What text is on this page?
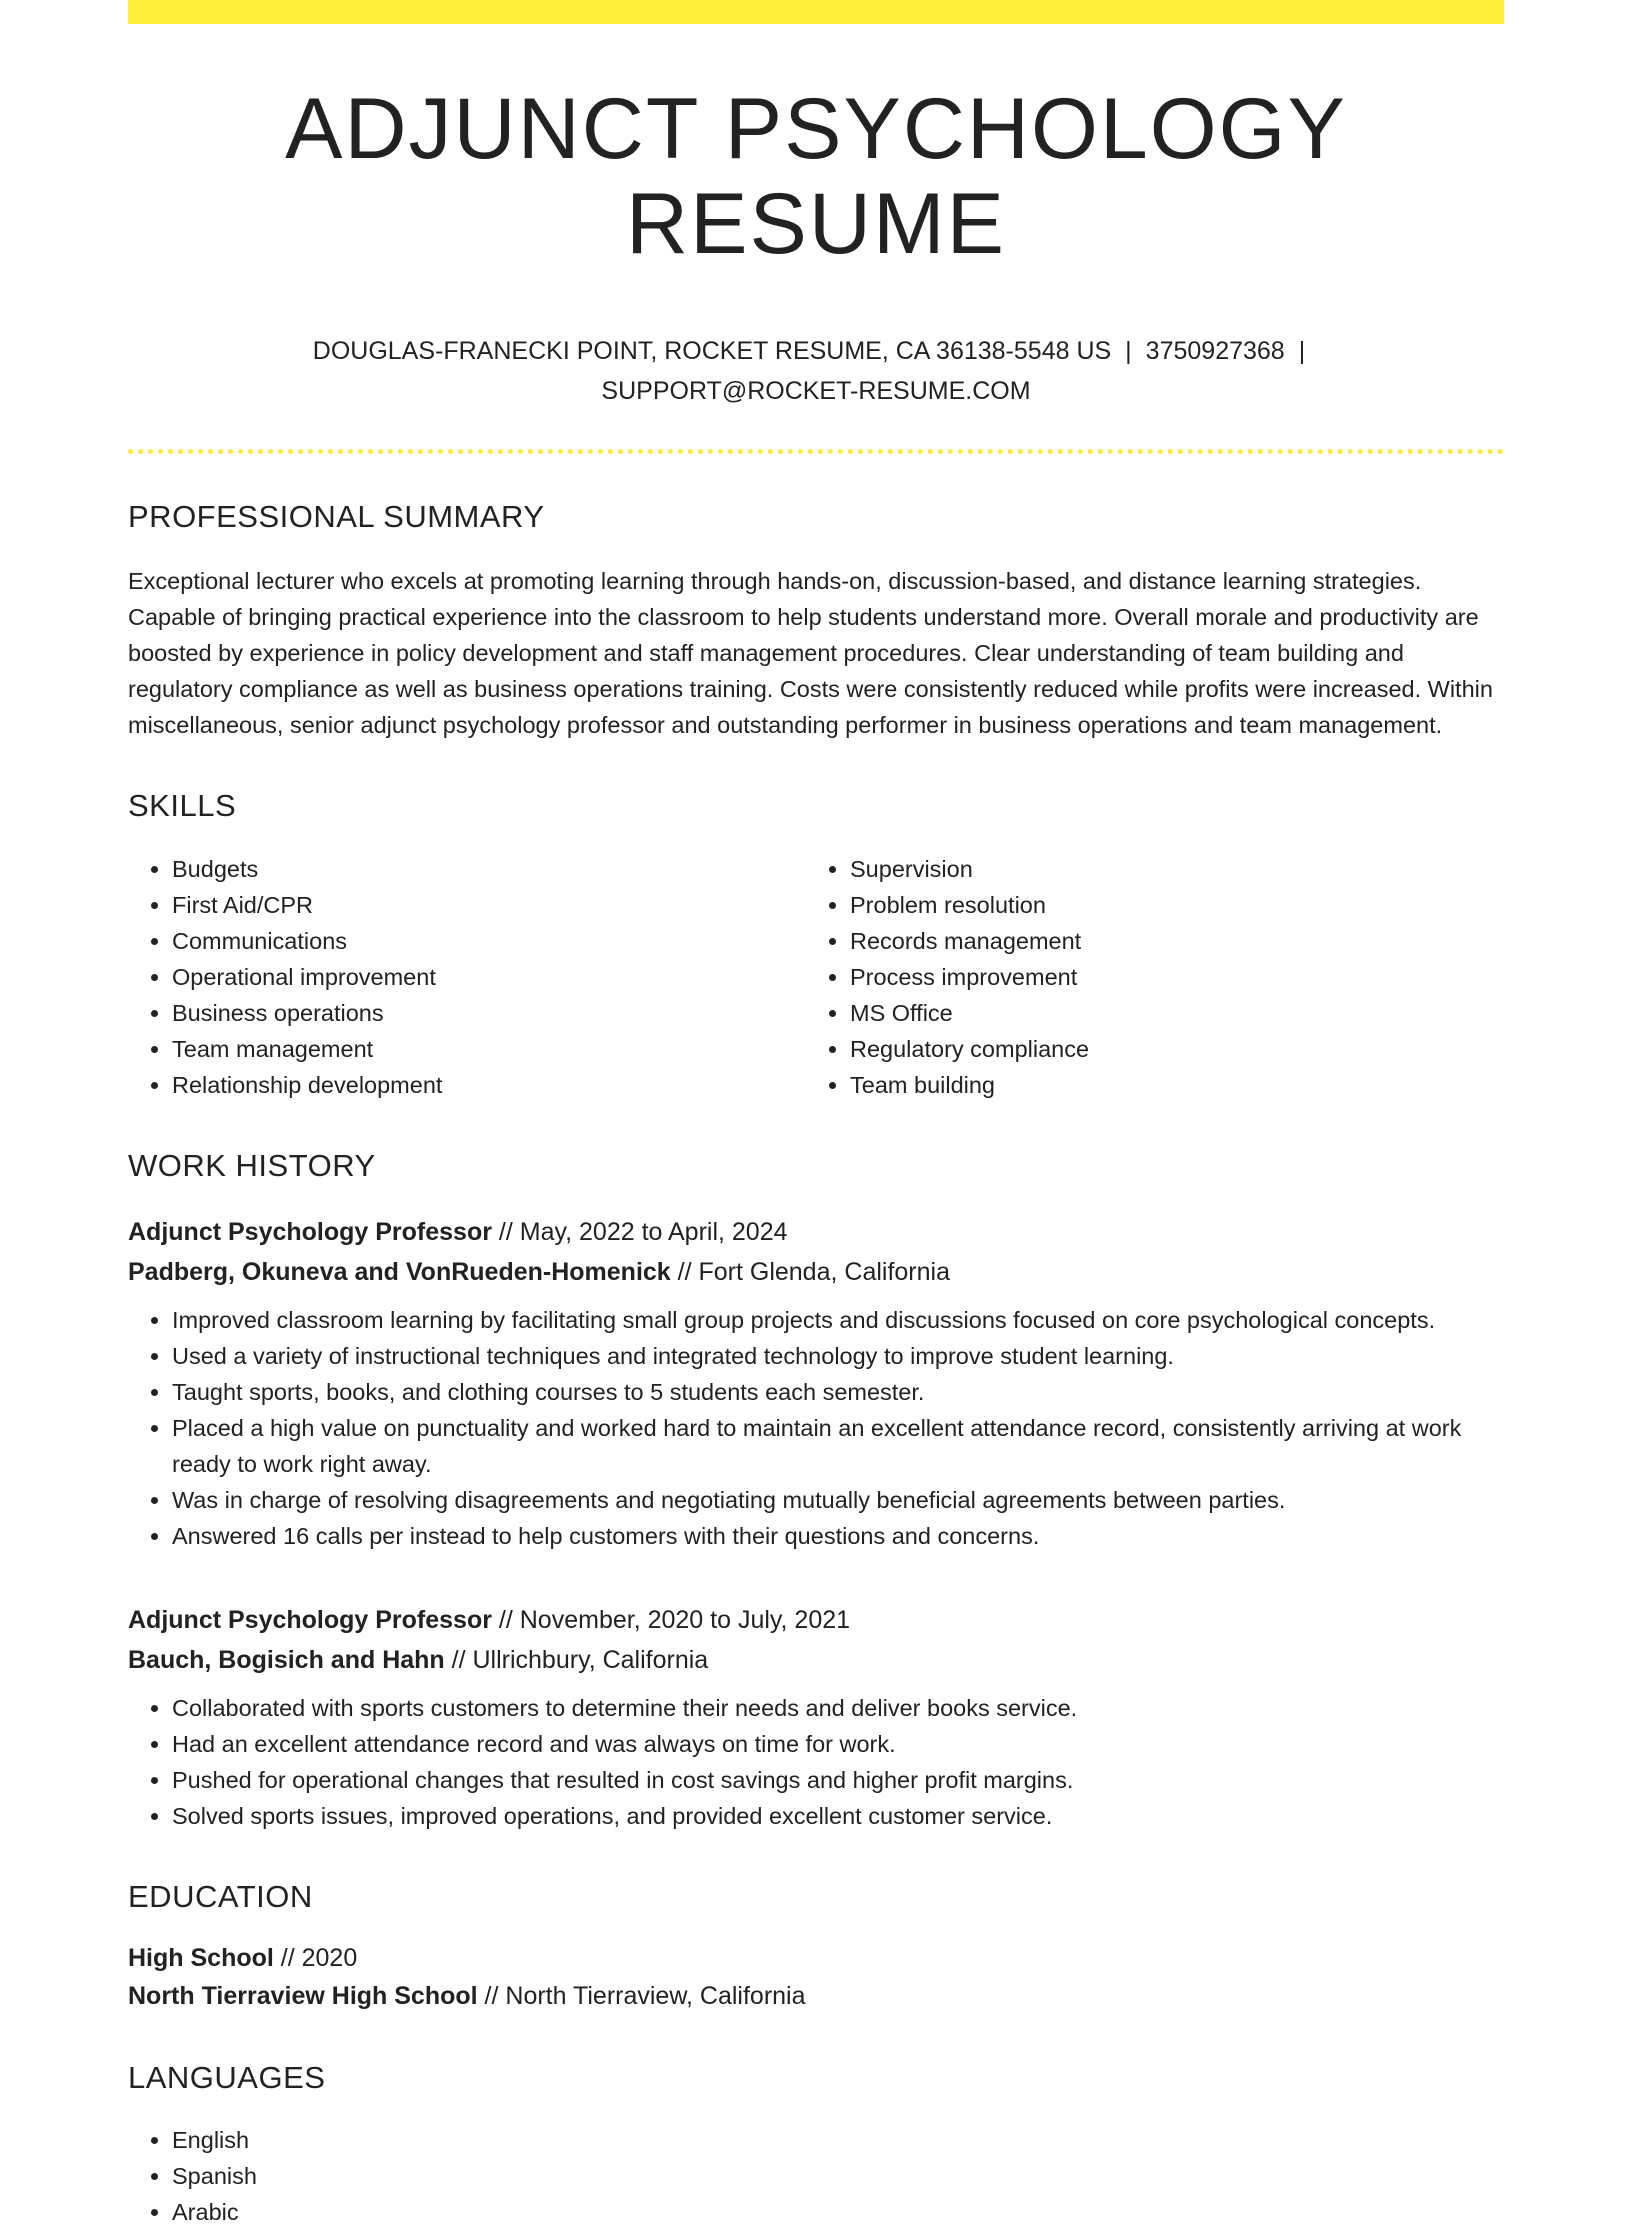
ADJUNCT PSYCHOLOGY RESUME
DOUGLAS-FRANECKI POINT, ROCKET RESUME, CA 36138-5548 US | 3750927368 |
SUPPORT@ROCKET-RESUME.COM
PROFESSIONAL SUMMARY

Exceptional lecturer who excels at promoting learning through hands-on, discussion-based, and distance learning strategies. Capable of bringing practical experience into the classroom to help students understand more. Overall morale and productivity are boosted by experience in policy development and staff management procedures. Clear understanding of team building and regulatory compliance as well as business operations training. Costs were consistently reduced while profits were increased. Within miscellaneous, senior adjunct psychology professor and outstanding performer in business operations and team management.

SKILLS
• Budgets
• First Aid/CPR
• Communications
• Operational improvement
• Business operations
• Team management
• Relationship development
• Supervision
• Problem resolution
• Records management
• Process improvement
• MS Office
• Regulatory compliance
• Team building
WORK HISTORY
Adjunct Psychology Professor // May, 2022 to April, 2024
Padberg, Okuneva and VonRueden-Homenick // Fort Glenda, California
• Improved classroom learning by facilitating small group projects and discussions focused on core psychological concepts.
• Used a variety of instructional techniques and integrated technology to improve student learning.
• Taught sports, books, and clothing courses to 5 students each semester.
• Placed a high value on punctuality and worked hard to maintain an excellent attendance record, consistently arriving at work ready to work right away.
• Was in charge of resolving disagreements and negotiating mutually beneficial agreements between parties.
• Answered 16 calls per instead to help customers with their questions and concerns.
Adjunct Psychology Professor // November, 2020 to July, 2021
Bauch, Bogisich and Hahn // Ullrichbury, California
• Collaborated with sports customers to determine their needs and deliver books service.
• Had an excellent attendance record and was always on time for work.
• Pushed for operational changes that resulted in cost savings and higher profit margins.
• Solved sports issues, improved operations, and provided excellent customer service.
EDUCATION
High School // 2020
North Tierraview High School // North Tierraview, California
LANGUAGES
• English
• Spanish
• Arabic
